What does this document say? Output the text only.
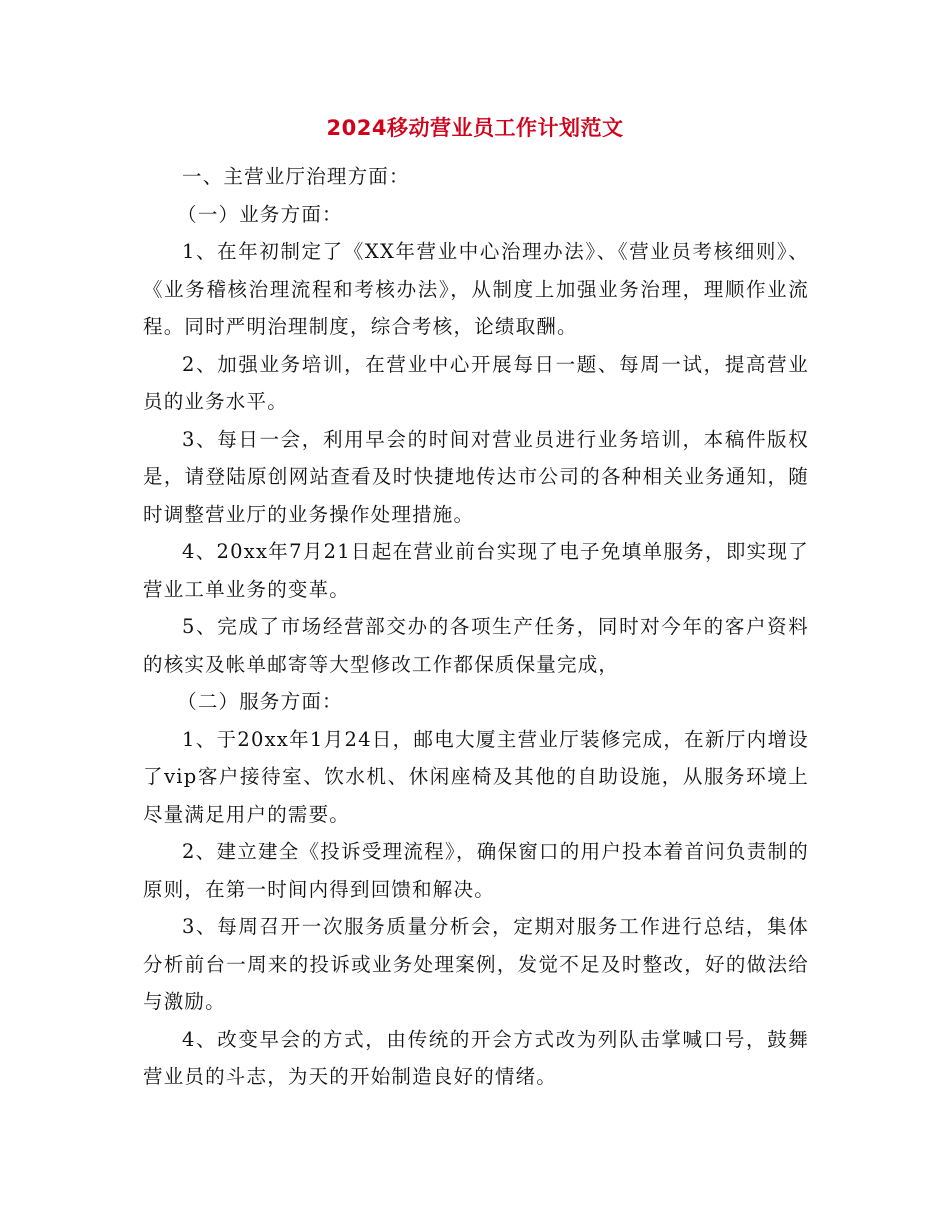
2024移动营业员工作计划范文

一、主营业厅治理方面：

（一）业务方面：

1、在年初制定了《XX年营业中心治理办法》、《营业员考核细则》、《业务稽核治理流程和考核办法》，从制度上加强业务治理，理顺作业流程。同时严明治理制度，综合考核，论绩取酬。

2、加强业务培训，在营业中心开展每日一题、每周一试，提高营业员的业务水平。

3、每日一会，利用早会的时间对营业员进行业务培训，本稿件版权是，请登陆原创网站查看及时快捷地传达市公司的各种相关业务通知，随时调整营业厅的业务操作处理措施。

4、20xx年7月21日起在营业前台实现了电子免填单服务，即实现了营业工单业务的变革。

5、完成了市场经营部交办的各项生产任务，同时对今年的客户资料的核实及帐单邮寄等大型修改工作都保质保量完成，

（二）服务方面：

1、于20xx年1月24日，邮电大厦主营业厅装修完成，在新厅内增设了vip客户接待室、饮水机、休闲座椅及其他的自助设施，从服务环境上尽量满足用户的需要。

2、建立建全《投诉受理流程》，确保窗口的用户投本着首问负责制的原则，在第一时间内得到回馈和解决。

3、每周召开一次服务质量分析会，定期对服务工作进行总结，集体分析前台一周来的投诉或业务处理案例，发觉不足及时整改，好的做法给与激励。

4、改变早会的方式，由传统的开会方式改为列队击掌喊口号，鼓舞营业员的斗志，为天的开始制造良好的情绪。
